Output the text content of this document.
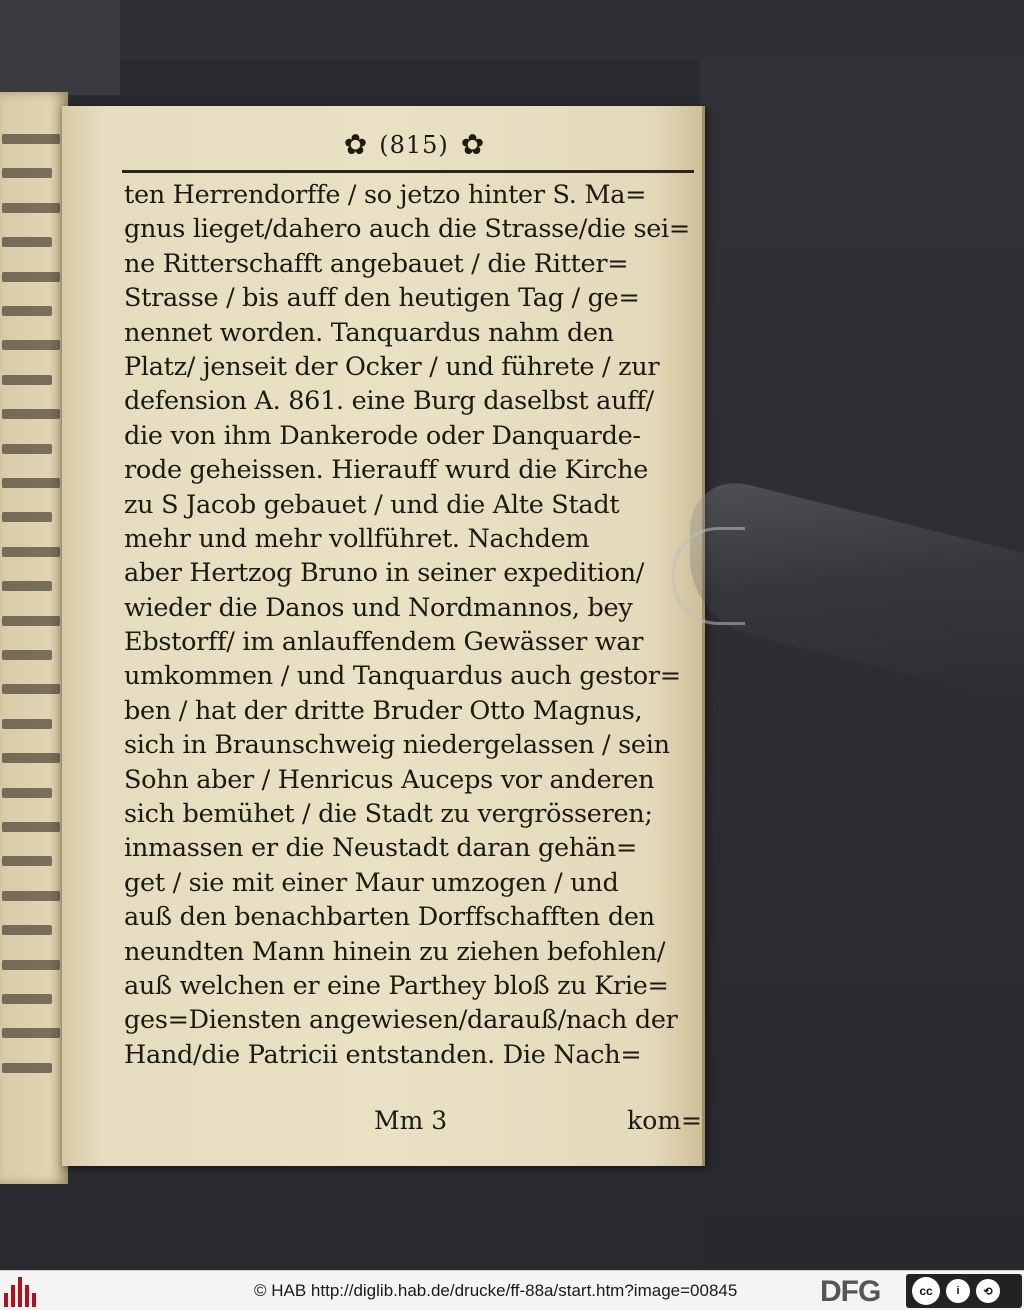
✿ (815) ✿
ten Herrendorffe / so jetzo hinter S. Ma=
gnus lieget/dahero auch die Strasse/die sei=
ne Ritterschafft angebauet / die Ritter=
Strasse / bis auff den heutigen Tag / ge=
nennet worden. Tanquardus nahm den
Platz/ jenseit der Ocker / und führete / zur
defension A. 861. eine Burg daselbst auff/
die von ihm Dankerode oder Danquarde-
rode geheissen. Hierauff wurd die Kirche
zu S Jacob gebauet / und die Alte Stadt
mehr und mehr vollführet. Nachdem
aber Hertzog Bruno in seiner expedition/
wieder die Danos und Nordmannos, bey
Ebstorff/ im anlauffendem Gewässer war
umkommen / und Tanquardus auch gestor=
ben / hat der dritte Bruder Otto Magnus,
sich in Braunschweig niedergelassen / sein
Sohn aber / Henricus Auceps vor anderen
sich bemühet / die Stadt zu vergrösseren;
inmassen er die Neustadt daran gehän=
get / sie mit einer Maur umzogen / und
auß den benachbarten Dorffschafften den
neundten Mann hinein zu ziehen befohlen/
auß welchen er eine Parthey bloß zu Krie=
ges=Diensten angewiesen/darauß/nach der
Hand/die Patricii entstanden. Die Nach=
Mm 3	kom=
© HAB http://diglib.hab.de/drucke/ff-88a/start.htm?image=00845	DFG	cc	i	⟲
